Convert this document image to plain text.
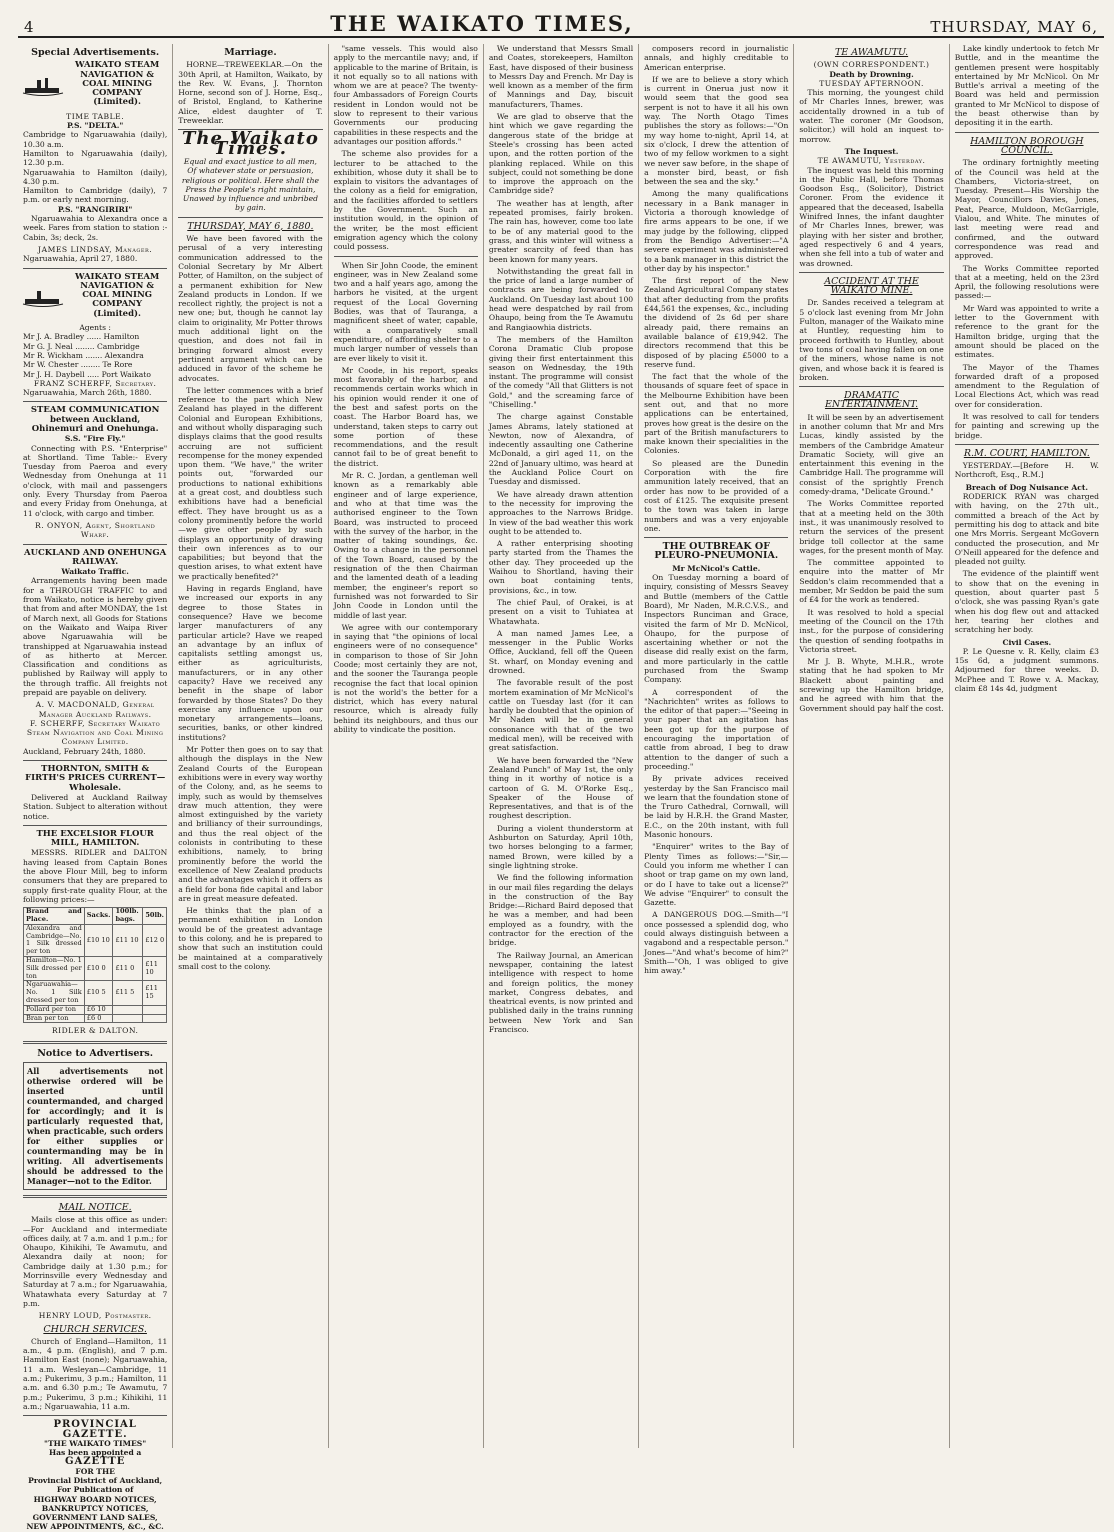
4	THE WAIKATO TIMES,	THURSDAY, MAY 6,
Special Advertisements.
WAIKATO STEAM NAVIGATION & COAL MINING COMPANY (Limited).
TIME TABLE.
P.S. "DELTA."
Cambridge to Ngaruawahia (daily), 10.30 a.m.
Hamilton to Ngaruawahia (daily), 12.30 p.m.
Ngaruawahia to Hamilton (daily), 4.30 p.m.
Hamilton to Cambridge (daily), 7 p.m. or early next morning.
P.S. "RANGIRIRI"
Ngaruawahia to Alexandra once a week. Fares from station to station :-Cabin, 3s; deck, 2s.
JAMES LINDSAY, Manager.
Ngaruawahia, April 27, 1880.
WAIKATO STEAM NAVIGATION & COAL MINING COMPANY (Limited).
Agents :
Mr J. A. Bradley ...... Hamilton
Mr G. J. Neal ........ Cambridge
Mr R. Wickham ....... Alexandra
Mr W. Chester ........ Te Rore
Mr J. H. Daybell ..... Port Waikato
FRANZ SCHERFF, Secretary.
Ngaruawahia, March 26th, 1880.
STEAM COMMUNICATION between Auckland, Ohinemuri and Onehunga.
S.S. "Fire Fly."
Connecting with P.S. "Enterprise" at Shortland. Time Table:- Every Tuesday from Paeroa and every Wednesday from Onehunga at 11 o'clock, with mail and passengers only. Every Thursday from Paeroa and every Friday from Onehunga, at 11 o'clock, with cargo and timber.
R. ONYON, Agent, Shortland Wharf.
AUCKLAND AND ONEHUNGA RAILWAY.
Waikato Traffic.
Arrangements having been made for a THROUGH TRAFFIC to and from Waikato, notice is hereby given that from and after MONDAY, the 1st of March next, all Goods for Stations on the Waikato and Waipa River above Ngaruawahia will be transhipped at Ngaruawahia instead of as hitherto at Mercer. Classification and conditions as published by Railway will apply to the through traffic. All freights not prepaid are payable on delivery.
A. V. MACDONALD, General Manager Auckland Railways.
F. SCHERFF, Secretary Waikato Steam Navigation and Coal Mining Company Limited.
Auckland, February 24th, 1880.
THORNTON, SMITH & FIRTH'S PRICES CURRENT—Wholesale.
Delivered at Auckland Railway Station. Subject to alteration without notice.
THE EXCELSIOR FLOUR MILL, HAMILTON.
MESSRS. RIDLER and DALTON having leased from Captain Bones the above Flour Mill, beg to inform consumers that they are prepared to supply first-rate quality Flour, at the following prices:—
Brand and Place.	Sacks.	100lb. bags.	50lb.
Alexandra and Cambridge—No. 1 Silk dressed per ton	£10 10	£11 10	£12 0
Hamilton—No. 1 Silk dressed per ton	£10 0	£11 0	£11 10
Ngaruawahia—No. 1 Silk dressed per ton	£10 5	£11 5	£11 15
Pollard per ton	£6 10		
Bran per ton	£6 0		
RIDLER & DALTON.
Notice to Advertisers.
All advertisements not otherwise ordered will be inserted until countermanded, and charged for accordingly; and it is particularly requested that, when practicable, such orders for either supplies or countermanding may be in writing. All advertisements should be addressed to the Manager—not to the Editor.
MAIL NOTICE.
Mails close at this office as under:—For Auckland and intermediate offices daily, at 7 a.m. and 1 p.m.; for Ohaupo, Kihikihi, Te Awamutu, and Alexandra daily at noon; for Cambridge daily at 1.30 p.m.; for Morrinsville every Wednesday and Saturday at 7 a.m.; for Ngaruawahia, Whatawhata every Saturday at 7 p.m.
HENRY LOUD, Postmaster.
CHURCH SERVICES.
Church of England—Hamilton, 11 a.m., 4 p.m. (English), and 7 p.m. Hamilton East (none); Ngaruawahia, 11 a.m. Wesleyan—Cambridge, 11 a.m.; Pukerimu, 3 p.m.; Hamilton, 11 a.m. and 6.30 p.m.; Te Awamutu, 7 p.m.; Pukerimu, 3 p.m.; Kihikihi, 11 a.m.; Ngaruawahia, 11 a.m.
PROVINCIAL GAZETTE.
"THE WAIKATO TIMES"
Has been appointed a
GAZETTE
FOR THE
Provincial District of Auckland,
For Publication of
HIGHWAY BOARD NOTICES, BANKRUPTCY NOTICES, GOVERNMENT LAND SALES, NEW APPOINTMENTS, &C., &C.
Marriage.
HORNE—TREWEEKLAR.—On the 30th April, at Hamilton, Waikato, by the Rev. W. Evans, J. Thornton Horne, second son of J. Horne, Esq., of Bristol, England, to Katherine Alice, eldest daughter of T. Treweeklar.
The Waikato Times.
Equal and exact justice to all men, Of whatever state or persuasion, religious or political. Here shall the Press the People's right maintain, Unawed by influence and unbribed by gain.
THURSDAY, MAY 6, 1880.
We have been favored with the perusal of a very interesting communication addressed to the Colonial Secretary by Mr Albert Potter, of Hamilton, on the subject of a permanent exhibition for New Zealand products in London. If we recollect rightly, the project is not a new one; but, though he cannot lay claim to originality, Mr Potter throws much additional light on the question, and does not fail in bringing forward almost every pertinent argument which can be adduced in favor of the scheme he advocates.
The letter commences with a brief reference to the part which New Zealand has played in the different Colonial and European Exhibitions, and without wholly disparaging such displays claims that the good results accruing are not sufficient recompense for the money expended upon them. "We have," the writer points out, "forwarded our productions to national exhibitions at a great cost, and doubtless such exhibitions have had a beneficial effect. They have brought us as a colony prominently before the world—we give other people by such displays an opportunity of drawing their own inferences as to our capabilities; but beyond that the question arises, to what extent have we practically benefited?"
Having in regards England, have we increased our exports in any degree to those States in consequence? Have we become larger manufacturers of any particular article? Have we reaped an advantage by an influx of capitalists settling amongst us, either as agriculturists, manufacturers, or in any other capacity? Have we received any benefit in the shape of labor forwarded by those States? Do they exercise any influence upon our monetary arrangements—loans, securities, banks, or other kindred institutions?
Mr Potter then goes on to say that although the displays in the New Zealand Courts of the European exhibitions were in every way worthy of the Colony, and, as he seems to imply, such as would by themselves draw much attention, they were almost extinguished by the variety and brilliancy of their surroundings, and thus the real object of the colonists in contributing to these exhibitions, namely, to bring prominently before the world the excellence of New Zealand products and the advantages which it offers as a field for bona fide capital and labor are in great measure defeated.
He thinks that the plan of a permanent exhibition in London would be of the greatest advantage to this colony, and he is prepared to show that such an institution could be maintained at a comparatively small cost to the colony.
"same vessels. This would also apply to the mercantile navy; and, if applicable to the marine of Britain, is it not equally so to all nations with whom we are at peace? The twenty-four Ambassadors of Foreign Courts resident in London would not be slow to represent to their various Governments our producing capabilities in these respects and the advantages our position affords."
The scheme also provides for a lecturer to be attached to the exhibition, whose duty it shall be to explain to visitors the advantages of the colony as a field for emigration, and the facilities afforded to settlers by the Government. Such an institution would, in the opinion of the writer, be the most efficient emigration agency which the colony could possess.
When Sir John Coode, the eminent engineer, was in New Zealand some two and a half years ago, among the harbors he visited, at the urgent request of the Local Governing Bodies, was that of Tauranga, a magnificent sheet of water, capable, with a comparatively small expenditure, of affording shelter to a much larger number of vessels than are ever likely to visit it.
Mr Coode, in his report, speaks most favorably of the harbor, and recommends certain works which in his opinion would render it one of the best and safest ports on the coast. The Harbor Board has, we understand, taken steps to carry out some portion of these recommendations, and the result cannot fail to be of great benefit to the district.
Mr R. C. Jordan, a gentleman well known as a remarkably able engineer and of large experience, and who at that time was the authorised engineer to the Town Board, was instructed to proceed with the survey of the harbor, in the matter of taking soundings, &c. Owing to a change in the personnel of the Town Board, caused by the resignation of the then Chairman and the lamented death of a leading member, the engineer's report so furnished was not forwarded to Sir John Coode in London until the middle of last year.
We agree with our contemporary in saying that "the opinions of local engineers were of no consequence" in comparison to those of Sir John Coode; most certainly they are not, and the sooner the Tauranga people recognise the fact that local opinion is not the world's the better for a district, which has every natural resource, which is already fully behind its neighbours, and thus our ability to vindicate the position.
We understand that Messrs Small and Coates, storekeepers, Hamilton East, have disposed of their business to Messrs Day and French. Mr Day is well known as a member of the firm of Mannings and Day, biscuit manufacturers, Thames.
We are glad to observe that the hint which we gave regarding the dangerous state of the bridge at Steele's crossing has been acted upon, and the rotten portion of the planking replaced. While on this subject, could not something be done to improve the approach on the Cambridge side?
The weather has at length, after repeated promises, fairly broken. The rain has, however, come too late to be of any material good to the grass, and this winter will witness a greater scarcity of feed than has been known for many years.
Notwithstanding the great fall in the price of land a large number of contracts are being forwarded to Auckland. On Tuesday last about 100 head were despatched by rail from Ohaupo, being from the Te Awamutu and Rangiaowhia districts.
The members of the Hamilton Corona Dramatic Club propose giving their first entertainment this season on Wednesday, the 19th instant. The programme will consist of the comedy "All that Glitters is not Gold," and the screaming farce of "Chiselling."
The charge against Constable James Abrams, lately stationed at Newton, now of Alexandra, of indecently assaulting one Catherine McDonald, a girl aged 11, on the 22nd of January ultimo, was heard at the Auckland Police Court on Tuesday and dismissed.
We have already drawn attention to the necessity for improving the approaches to the Narrows Bridge. In view of the bad weather this work ought to be attended to.
A rather enterprising shooting party started from the Thames the other day. They proceeded up the Waihou to Shortland, having their own boat containing tents, provisions, &c., in tow.
The chief Paul, of Orakei, is at present on a visit to Tuhiatea at Whatawhata.
A man named James Lee, a messenger in the Public Works Office, Auckland, fell off the Queen St. wharf, on Monday evening and drowned.
The favorable result of the post mortem examination of Mr McNicol's cattle on Tuesday last (for it can hardly be doubted that the opinion of Mr Naden will be in general consonance with that of the two medical men), will be received with great satisfaction.
We have been forwarded the "New Zealand Punch" of May 1st, the only thing in it worthy of notice is a cartoon of G. M. O'Rorke Esq., Speaker of the House of Representatives, and that is of the roughest description.
During a violent thunderstorm at Ashburton on Saturday, April 10th, two horses belonging to a farmer, named Brown, were killed by a single lightning stroke.
We find the following information in our mail files regarding the delays in the construction of the Bay Bridge:—Richard Baird deposed that he was a member, and had been employed as a foundry, with the contractor for the erection of the bridge.
The Railway Journal, an American newspaper, containing the latest intelligence with respect to home and foreign politics, the money market, Congress debates, and theatrical events, is now printed and published daily in the trains running between New York and San Francisco.
composers record in journalistic annals, and highly creditable to American enterprise.
If we are to believe a story which is current in Onerua just now it would seem that the good sea serpent is not to have it all his own way. The North Otago Times publishes the story as follows:—"On my way home to-night, April 14, at six o'clock, I drew the attention of two of my fellow workmen to a sight we never saw before, in the shape of a monster bird, beast, or fish between the sea and the sky."
Among the many qualifications necessary in a Bank manager in Victoria a thorough knowledge of fire arms appears to be one, if we may judge by the following, clipped from the Bendigo Advertiser:—"A severe experiment was administered to a bank manager in this district the other day by his inspector."
The first report of the New Zealand Agricultural Company states that after deducting from the profits £44,561 the expenses, &c., including the dividend of 2s 6d per share already paid, there remains an available balance of £19,942. The directors recommend that this be disposed of by placing £5000 to a reserve fund.
The fact that the whole of the thousands of square feet of space in the Melbourne Exhibition have been sent out, and that no more applications can be entertained, proves how great is the desire on the part of the British manufacturers to make known their specialities in the Colonies.
So pleased are the Dunedin Corporation with the fire ammunition lately received, that an order has now to be provided of a cost of £125. The exquisite present to the town was taken in large numbers and was a very enjoyable one.
THE OUTBREAK OF PLEURO-PNEUMONIA.
Mr McNicol's Cattle.
On Tuesday morning a board of inquiry, consisting of Messrs Seavey and Buttle (members of the Cattle Board), Mr Naden, M.R.C.V.S., and Inspectors Runciman and Grace, visited the farm of Mr D. McNicol, Ohaupo, for the purpose of ascertaining whether or not the disease did really exist on the farm, and more particularly in the cattle purchased from the Swamp Company.
A correspondent of the "Nachrichten" writes as follows to the editor of that paper:—"Seeing in your paper that an agitation has been got up for the purpose of encouraging the importation of cattle from abroad, I beg to draw attention to the danger of such a proceeding."
By private advices received yesterday by the San Francisco mail we learn that the foundation stone of the Truro Cathedral, Cornwall, will be laid by H.R.H. the Grand Master, E.C., on the 20th instant, with full Masonic honours.
"Enquirer" writes to the Bay of Plenty Times as follows:—"Sir,—Could you inform me whether I can shoot or trap game on my own land, or do I have to take out a license?" We advise "Enquirer" to consult the Gazette.
A DANGEROUS DOG.—Smith—"I once possessed a splendid dog, who could always distinguish between a vagabond and a respectable person." Jones—"And what's become of him?" Smith—"Oh, I was obliged to give him away."
TE AWAMUTU.
(OWN CORRESPONDENT.)
Death by Drowning.
TUESDAY AFTERNOON.
This morning, the youngest child of Mr Charles Innes, brewer, was accidentally drowned in a tub of water. The coroner (Mr Goodson, solicitor,) will hold an inquest to-morrow.
The Inquest.
TE AWAMUTU, Yesterday.
The inquest was held this morning in the Public Hall, before Thomas Goodson Esq., (Solicitor), District Coroner. From the evidence it appeared that the deceased, Isabella Winifred Innes, the infant daughter of Mr Charles Innes, brewer, was playing with her sister and brother, aged respectively 6 and 4 years, when she fell into a tub of water and was drowned.
ACCIDENT AT THE WAIKATO MINE.
Dr. Sandes received a telegram at 5 o'clock last evening from Mr John Fulton, manager of the Waikato mine at Huntley, requesting him to proceed forthwith to Huntley, about two tons of coal having fallen on one of the miners, whose name is not given, and whose back it is feared is broken.
DRAMATIC ENTERTAINMENT.
It will be seen by an advertisement in another column that Mr and Mrs Lucas, kindly assisted by the members of the Cambridge Amateur Dramatic Society, will give an entertainment this evening in the Cambridge Hall. The programme will consist of the sprightly French comedy-drama, "Delicate Ground."
The Works Committee reported that at a meeting held on the 30th inst., it was unanimously resolved to return the services of the present bridge toll collector at the same wages, for the present month of May.
The committee appointed to enquire into the matter of Mr Seddon's claim recommended that a member, Mr Seddon be paid the sum of £4 for the work as tendered.
It was resolved to hold a special meeting of the Council on the 17th inst., for the purpose of considering the question of sending footpaths in Victoria street.
Mr J. B. Whyte, M.H.R., wrote stating that he had spoken to Mr Blackett about painting and screwing up the Hamilton bridge, and he agreed with him that the Government should pay half the cost.
Lake kindly undertook to fetch Mr Buttle, and in the meantime the gentlemen present were hospitably entertained by Mr McNicol. On Mr Buttle's arrival a meeting of the Board was held and permission granted to Mr McNicol to dispose of the beast otherwise than by depositing it in the earth.
HAMILTON BOROUGH COUNCIL.
The ordinary fortnightly meeting of the Council was held at the Chambers, Victoria-street, on Tuesday. Present—His Worship the Mayor, Councillors Davies, Jones, Peat, Pearce, Muldoon, McGarrigle, Vialou, and White. The minutes of last meeting were read and confirmed, and the outward correspondence was read and approved.
The Works Committee reported that at a meeting, held on the 23rd April, the following resolutions were passed:—
Mr Ward was appointed to write a letter to the Government with reference to the grant for the Hamilton bridge, urging that the amount should be placed on the estimates.
The Mayor of the Thames forwarded draft of a proposed amendment to the Regulation of Local Elections Act, which was read over for consideration.
It was resolved to call for tenders for painting and screwing up the bridge.
R.M. COURT, HAMILTON.
YESTERDAY.—[Before H. W. Northcroft, Esq., R.M.]
Breach of Dog Nuisance Act.
RODERICK RYAN was charged with having, on the 27th ult., committed a breach of the Act by permitting his dog to attack and bite one Mrs Morris. Sergeant McGovern conducted the prosecution, and Mr O'Neill appeared for the defence and pleaded not guilty.
The evidence of the plaintiff went to show that on the evening in question, about quarter past 5 o'clock, she was passing Ryan's gate when his dog flew out and attacked her, tearing her clothes and scratching her body.
Civil Cases.
P. Le Quesne v. R. Kelly, claim £3 15s 6d, a judgment summons. Adjourned for three weeks. D. McPhee and T. Rowe v. A. Mackay, claim £8 14s 4d, judgment
